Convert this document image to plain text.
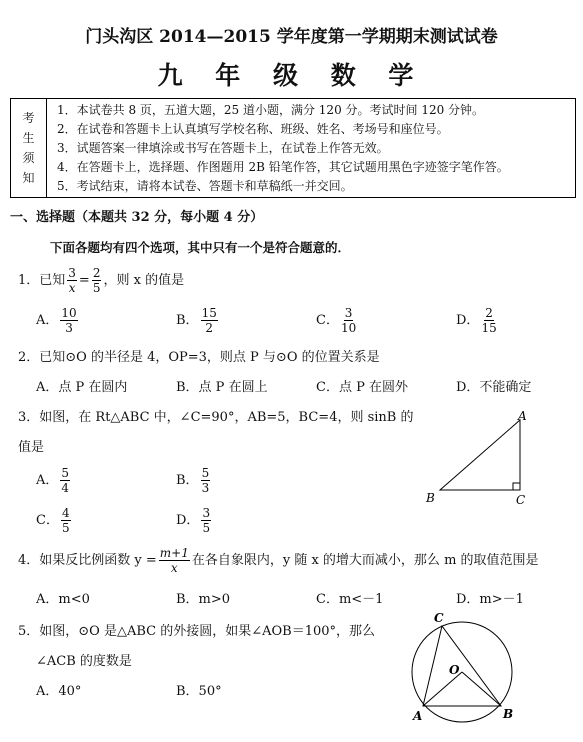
门头沟区 2014—2015 学年度第一学期期末测试试卷
九 年 级 数 学
考
生
须
知
1．本试卷共 8 页，五道大题，25 道小题，满分 120 分。考试时间 120 分钟。
2．在试卷和答题卡上认真填写学校名称、班级、姓名、考场号和座位号。
3．试题答案一律填涂或书写在答题卡上，在试卷上作答无效。
4．在答题卡上，选择题、作图题用 2B 铅笔作答，其它试题用黑色字迹签字笔作答。
5．考试结束，请将本试卷、答题卡和草稿纸一并交回。
一、选择题（本题共 32 分，每小题 4 分）
下面各题均有四个选项，其中只有一个是符合题意的．
1．已知 $\frac{3}{x} = \frac{2}{5}$ ，则 x 的值是
A． $\frac{10}{3}$	B． $\frac{15}{2}$	C． $\frac{3}{10}$	D． $\frac{2}{15}$
2．已知⊙O 的半径是 4，OP=3，则点 P 与⊙O 的位置关系是
A．点 P 在圆内	B．点 P 在圆上	C．点 P 在圆外	D．不能确定
3．如图，在 Rt△ABC 中，∠C=90°，AB=5，BC=4，则 sinB 的
值是
A． $\frac{5}{4}$	B． $\frac{5}{3}$
C． $\frac{4}{5}$	D． $\frac{3}{5}$
A
B	C
4．如果反比例函数 $y = \frac{m+1}{x}$ 在各自象限内，y 随 x 的增大而减小，那么 m 的取值范围是
A．m<0	B．m>0	C．m<－1	D．m>－1
5．如图，⊙O 是△ABC 的外接圆，如果∠AOB＝100°，那么
∠ACB 的度数是
A．40°	B．50°
C
O
A	B
